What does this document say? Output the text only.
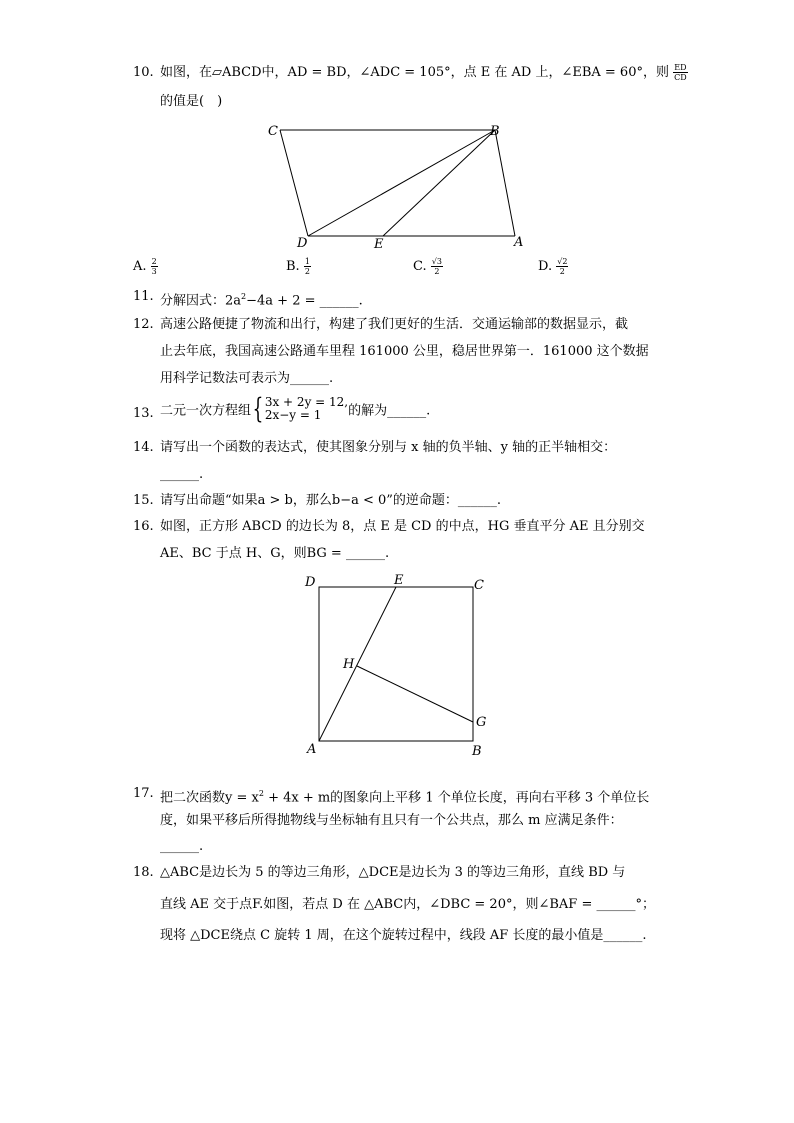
10. 如图，在▱ABCD中，AD = BD，∠ADC = 105°，点 E 在 AD 上，∠EBA = 60°，则 $\frac{ED}{CD}$
的值是(　)
C	B
D	E	A
A. $\frac{2}{3}$	B. $\frac{1}{2}$	C. $\frac{√3}{2}$	D. $\frac{√2}{2}$
11. 分解因式：$2a^2-4a + 2$ = ______.
12. 高速公路便捷了物流和出行，构建了我们更好的生活．交通运输部的数据显示，截
止去年底，我国高速公路通车里程 161000 公里，稳居世界第一．161000 这个数据
用科学记数法可表示为______.
13. 二元一次方程组{ 3x + 2y = 12,
2x−y = 1	的解为______.
14. 请写出一个函数的表达式，使其图象分别与 x 轴的负半轴、y 轴的正半轴相交：
______.
15. 请写出命题“如果a > b，那么b−a < 0”的逆命题：______.
16. 如图，正方形 ABCD 的边长为 8，点 E 是 CD 的中点，HG 垂直平分 AE 且分别交
AE、BC 于点 H、G，则BG = ______.
D	E	C
H
G
A	B
17. 把二次函数$y = x^2 + 4x + m$的图象向上平移 1 个单位长度，再向右平移 3 个单位长
度，如果平移后所得抛物线与坐标轴有且只有一个公共点，那么 m 应满足条件：
______.
18. △ABC是边长为 5 的等边三角形，△DCE是边长为 3 的等边三角形，直线 BD 与
直线 AE 交于点F.如图，若点 D 在 △ABC内，∠DBC = 20°，则∠BAF = ______°；
现将 △DCE绕点 C 旋转 1 周，在这个旋转过程中，线段 AF 长度的最小值是______.
